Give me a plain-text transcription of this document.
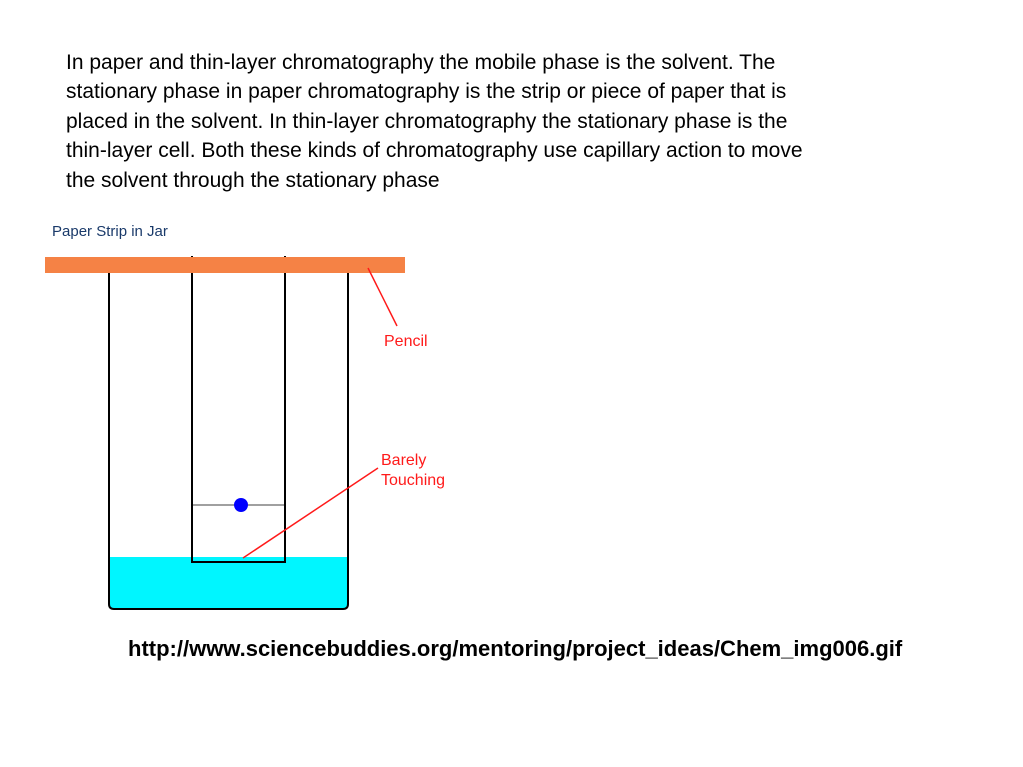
In paper and thin-layer chromatography the mobile phase is the solvent. The stationary phase in paper chromatography is the strip or piece of paper that is placed in the solvent. In thin-layer chromatography the stationary phase is the thin-layer cell. Both these kinds of chromatography use capillary action to move the solvent through the stationary phase

Paper Strip in Jar
Pencil
Barely
Touching

http://www.sciencebuddies.org/mentoring/project_ideas/Chem_img006.gif
